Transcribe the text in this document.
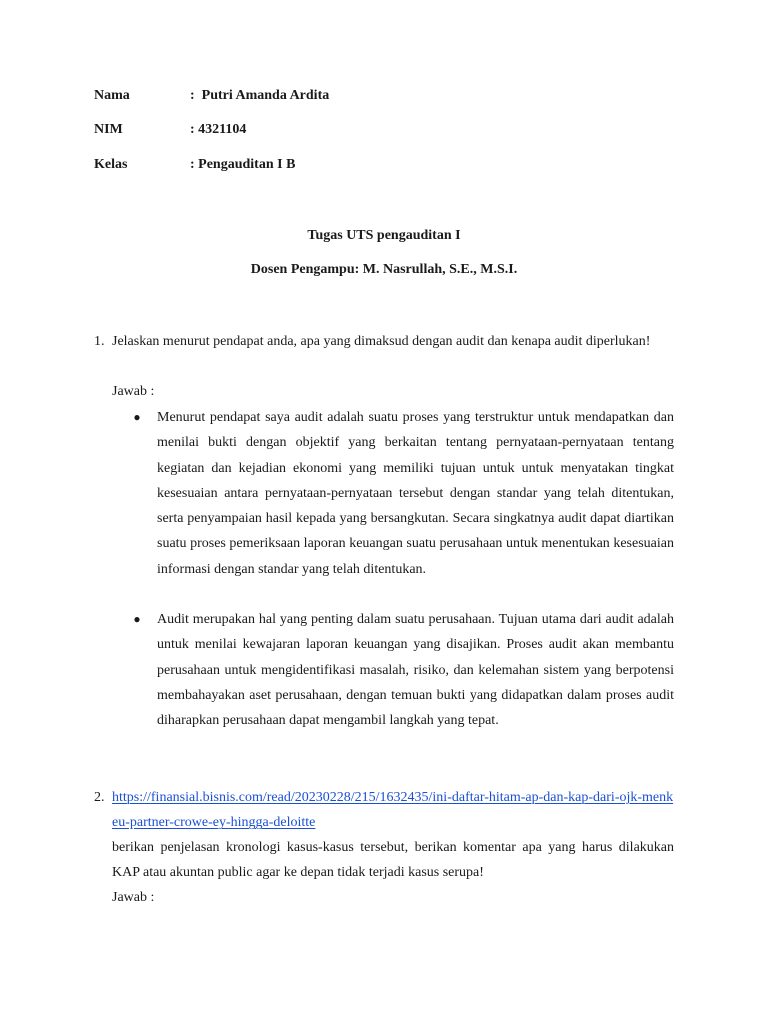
Nama	:  Putri Amanda Ardita
NIM	: 4321104
Kelas	: Pengauditan I B
Tugas UTS pengauditan I
Dosen Pengampu: M. Nasrullah, S.E., M.S.I.
1. Jelaskan menurut pendapat anda, apa yang dimaksud dengan audit dan kenapa audit diperlukan!
Jawab :
● Menurut pendapat saya audit adalah suatu proses yang terstruktur untuk mendapatkan dan menilai bukti dengan objektif yang berkaitan tentang pernyataan-pernyataan tentang kegiatan dan kejadian ekonomi yang memiliki tujuan untuk untuk menyatakan tingkat kesesuaian antara pernyataan-pernyataan tersebut dengan standar yang telah ditentukan, serta penyampaian hasil kepada yang bersangkutan. Secara singkatnya audit dapat diartikan suatu proses pemeriksaan laporan keuangan suatu perusahaan untuk menentukan kesesuaian informasi dengan standar yang telah ditentukan.
● Audit merupakan hal yang penting dalam suatu perusahaan. Tujuan utama dari audit adalah untuk menilai kewajaran laporan keuangan yang disajikan. Proses audit akan membantu perusahaan untuk mengidentifikasi masalah, risiko, dan kelemahan sistem yang berpotensi membahayakan aset perusahaan, dengan temuan bukti yang didapatkan dalam proses audit diharapkan perusahaan dapat mengambil langkah yang tepat.
2. https://finansial.bisnis.com/read/20230228/215/1632435/ini-daftar-hitam-ap-dan-kap-dari-ojk-menkeu-partner-crowe-ey-hingga-deloitte
berikan penjelasan kronologi kasus-kasus tersebut, berikan komentar apa yang harus dilakukan KAP atau akuntan public agar ke depan tidak terjadi kasus serupa!
Jawab :
